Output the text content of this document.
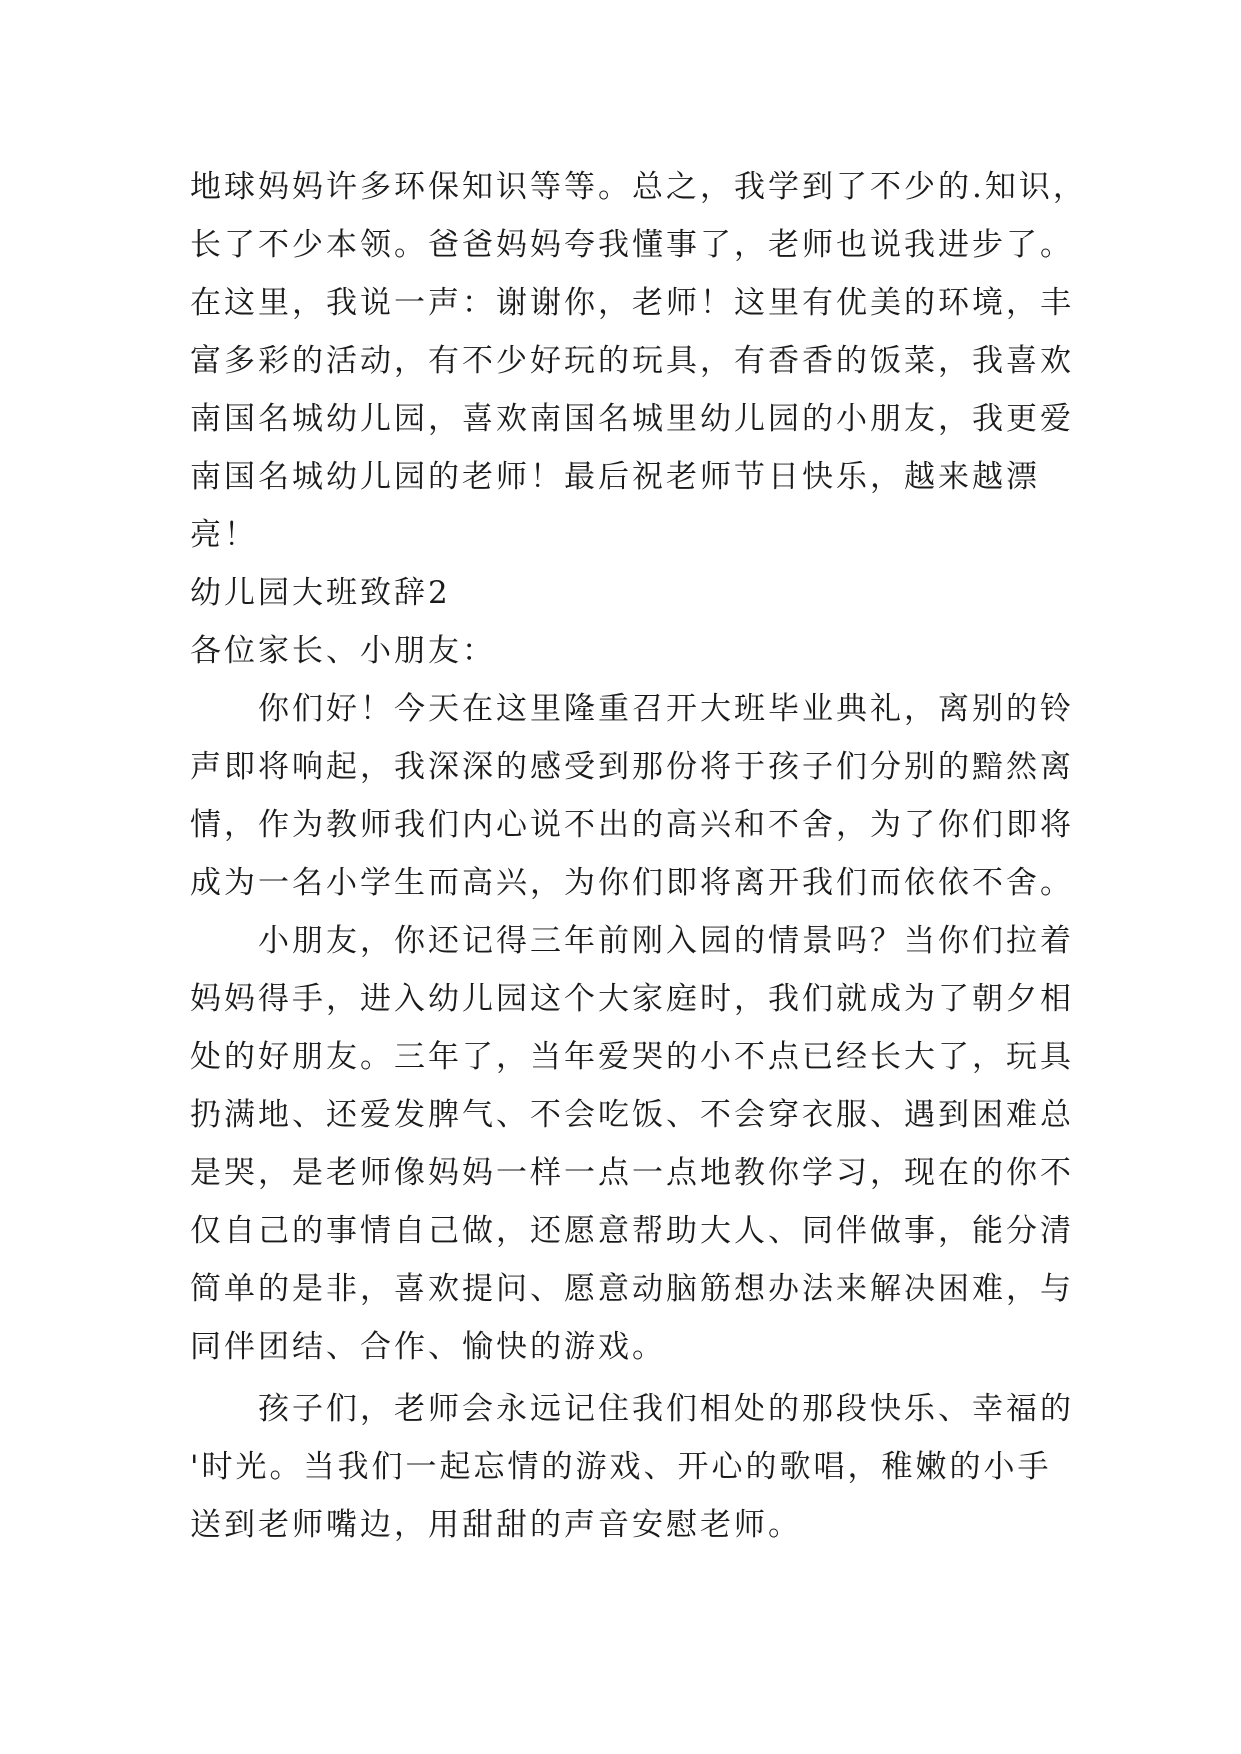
地球妈妈许多环保知识等等。总之，我学到了不少的.知识，
长了不少本领。爸爸妈妈夸我懂事了，老师也说我进步了。
在这里，我说一声：谢谢你，老师！这里有优美的环境，丰
富多彩的活动，有不少好玩的玩具，有香香的饭菜，我喜欢
南国名城幼儿园，喜欢南国名城里幼儿园的小朋友，我更爱
南国名城幼儿园的老师！最后祝老师节日快乐，越来越漂
亮！
幼儿园大班致辞2
各位家长、小朋友：
你们好！今天在这里隆重召开大班毕业典礼，离别的铃
声即将响起，我深深的感受到那份将于孩子们分别的黯然离
情，作为教师我们内心说不出的高兴和不舍，为了你们即将
成为一名小学生而高兴，为你们即将离开我们而依依不舍。
小朋友，你还记得三年前刚入园的情景吗？当你们拉着
妈妈得手，进入幼儿园这个大家庭时，我们就成为了朝夕相
处的好朋友。三年了，当年爱哭的小不点已经长大了，玩具
扔满地、还爱发脾气、不会吃饭、不会穿衣服、遇到困难总
是哭，是老师像妈妈一样一点一点地教你学习，现在的你不
仅自己的事情自己做，还愿意帮助大人、同伴做事，能分清
简单的是非，喜欢提问、愿意动脑筋想办法来解决困难，与
同伴团结、合作、愉快的游戏。
孩子们，老师会永远记住我们相处的那段快乐、幸福的
'时光。当我们一起忘情的游戏、开心的歌唱，稚嫩的小手
送到老师嘴边，用甜甜的声音安慰老师。
